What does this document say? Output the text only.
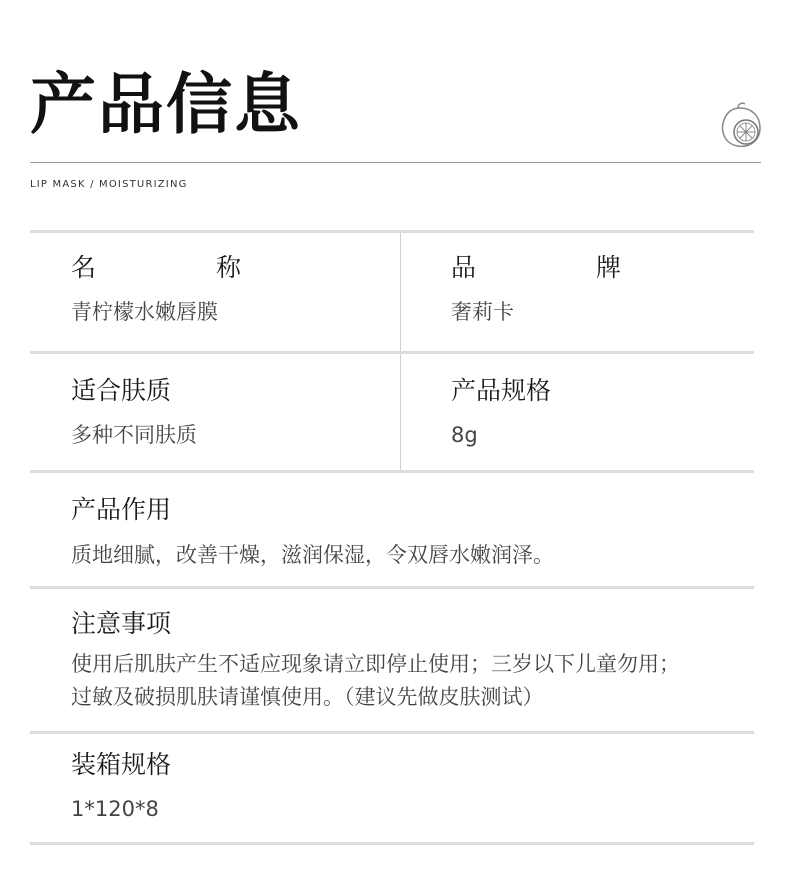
产品信息
LIP MASK / MOISTURIZING
名 称
青柠檬水嫩唇膜
品 牌
奢莉卡
适合肤质
多种不同肤质
产品规格
8g
产品作用
质地细腻，改善干燥，滋润保湿，令双唇水嫩润泽。
注意事项
使用后肌肤产生不适应现象请立即停止使用；三岁以下儿童勿用；
过敏及破损肌肤请谨慎使用。（建议先做皮肤测试）
装箱规格
1*120*8
